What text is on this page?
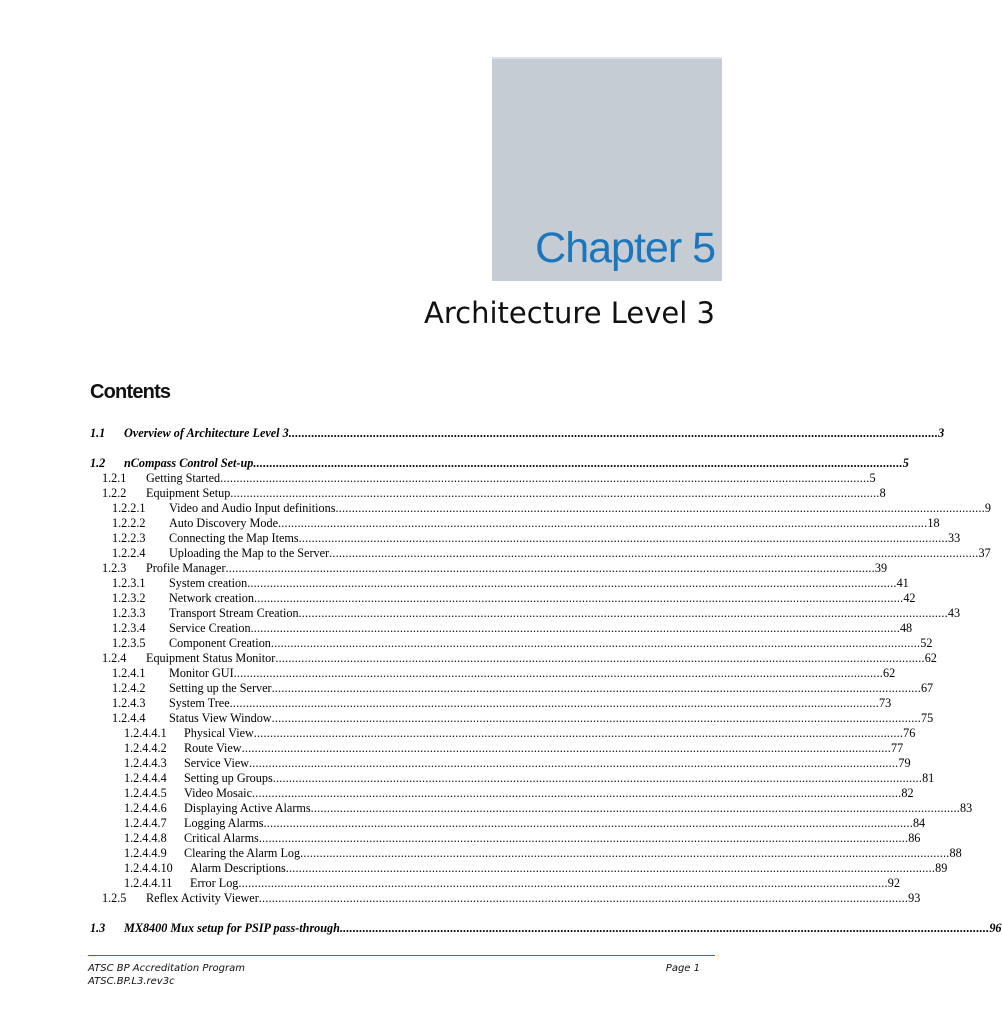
Chapter 5
Architecture Level 3
Contents
1.1 Overview of Architecture Level 3 ........................................................................................................................................................................................................ 3
1.2 nCompass Control Set-up ........................................................................................................................................................................................................ 5
1.2.1 Getting Started ........................................................................................................................................................................................................ 5
1.2.2 Equipment Setup ........................................................................................................................................................................................................ 8
1.2.2.1 Video and Audio Input definitions ........................................................................................................................................................................................................ 9
1.2.2.2 Auto Discovery Mode ........................................................................................................................................................................................................ 18
1.2.2.3 Connecting the Map Items ........................................................................................................................................................................................................ 33
1.2.2.4 Uploading the Map to the Server ........................................................................................................................................................................................................ 37
1.2.3 Profile Manager ........................................................................................................................................................................................................ 39
1.2.3.1 System creation ........................................................................................................................................................................................................ 41
1.2.3.2 Network creation ........................................................................................................................................................................................................ 42
1.2.3.3 Transport Stream Creation ........................................................................................................................................................................................................ 43
1.2.3.4 Service Creation ........................................................................................................................................................................................................ 48
1.2.3.5 Component Creation ........................................................................................................................................................................................................ 52
1.2.4 Equipment Status Monitor ........................................................................................................................................................................................................ 62
1.2.4.1 Monitor GUI ........................................................................................................................................................................................................ 62
1.2.4.2 Setting up the Server ........................................................................................................................................................................................................ 67
1.2.4.3 System Tree ........................................................................................................................................................................................................ 73
1.2.4.4 Status View Window ........................................................................................................................................................................................................ 75
1.2.4.4.1 Physical View ........................................................................................................................................................................................................ 76
1.2.4.4.2 Route View ........................................................................................................................................................................................................ 77
1.2.4.4.3 Service View ........................................................................................................................................................................................................ 79
1.2.4.4.4 Setting up Groups ........................................................................................................................................................................................................ 81
1.2.4.4.5 Video Mosaic ........................................................................................................................................................................................................ 82
1.2.4.4.6 Displaying Active Alarms ........................................................................................................................................................................................................ 83
1.2.4.4.7 Logging Alarms ........................................................................................................................................................................................................ 84
1.2.4.4.8 Critical Alarms ........................................................................................................................................................................................................ 86
1.2.4.4.9 Clearing the Alarm Log ........................................................................................................................................................................................................ 88
1.2.4.4.10 Alarm Descriptions ........................................................................................................................................................................................................ 89
1.2.4.4.11 Error Log ........................................................................................................................................................................................................ 92
1.2.5 Reflex Activity Viewer ........................................................................................................................................................................................................ 93
1.3 MX8400 Mux setup for PSIP pass-through ........................................................................................................................................................................................................ 96
ATSC BP Accreditation Program
ATSC.BP.L3.rev3c
Page 1
